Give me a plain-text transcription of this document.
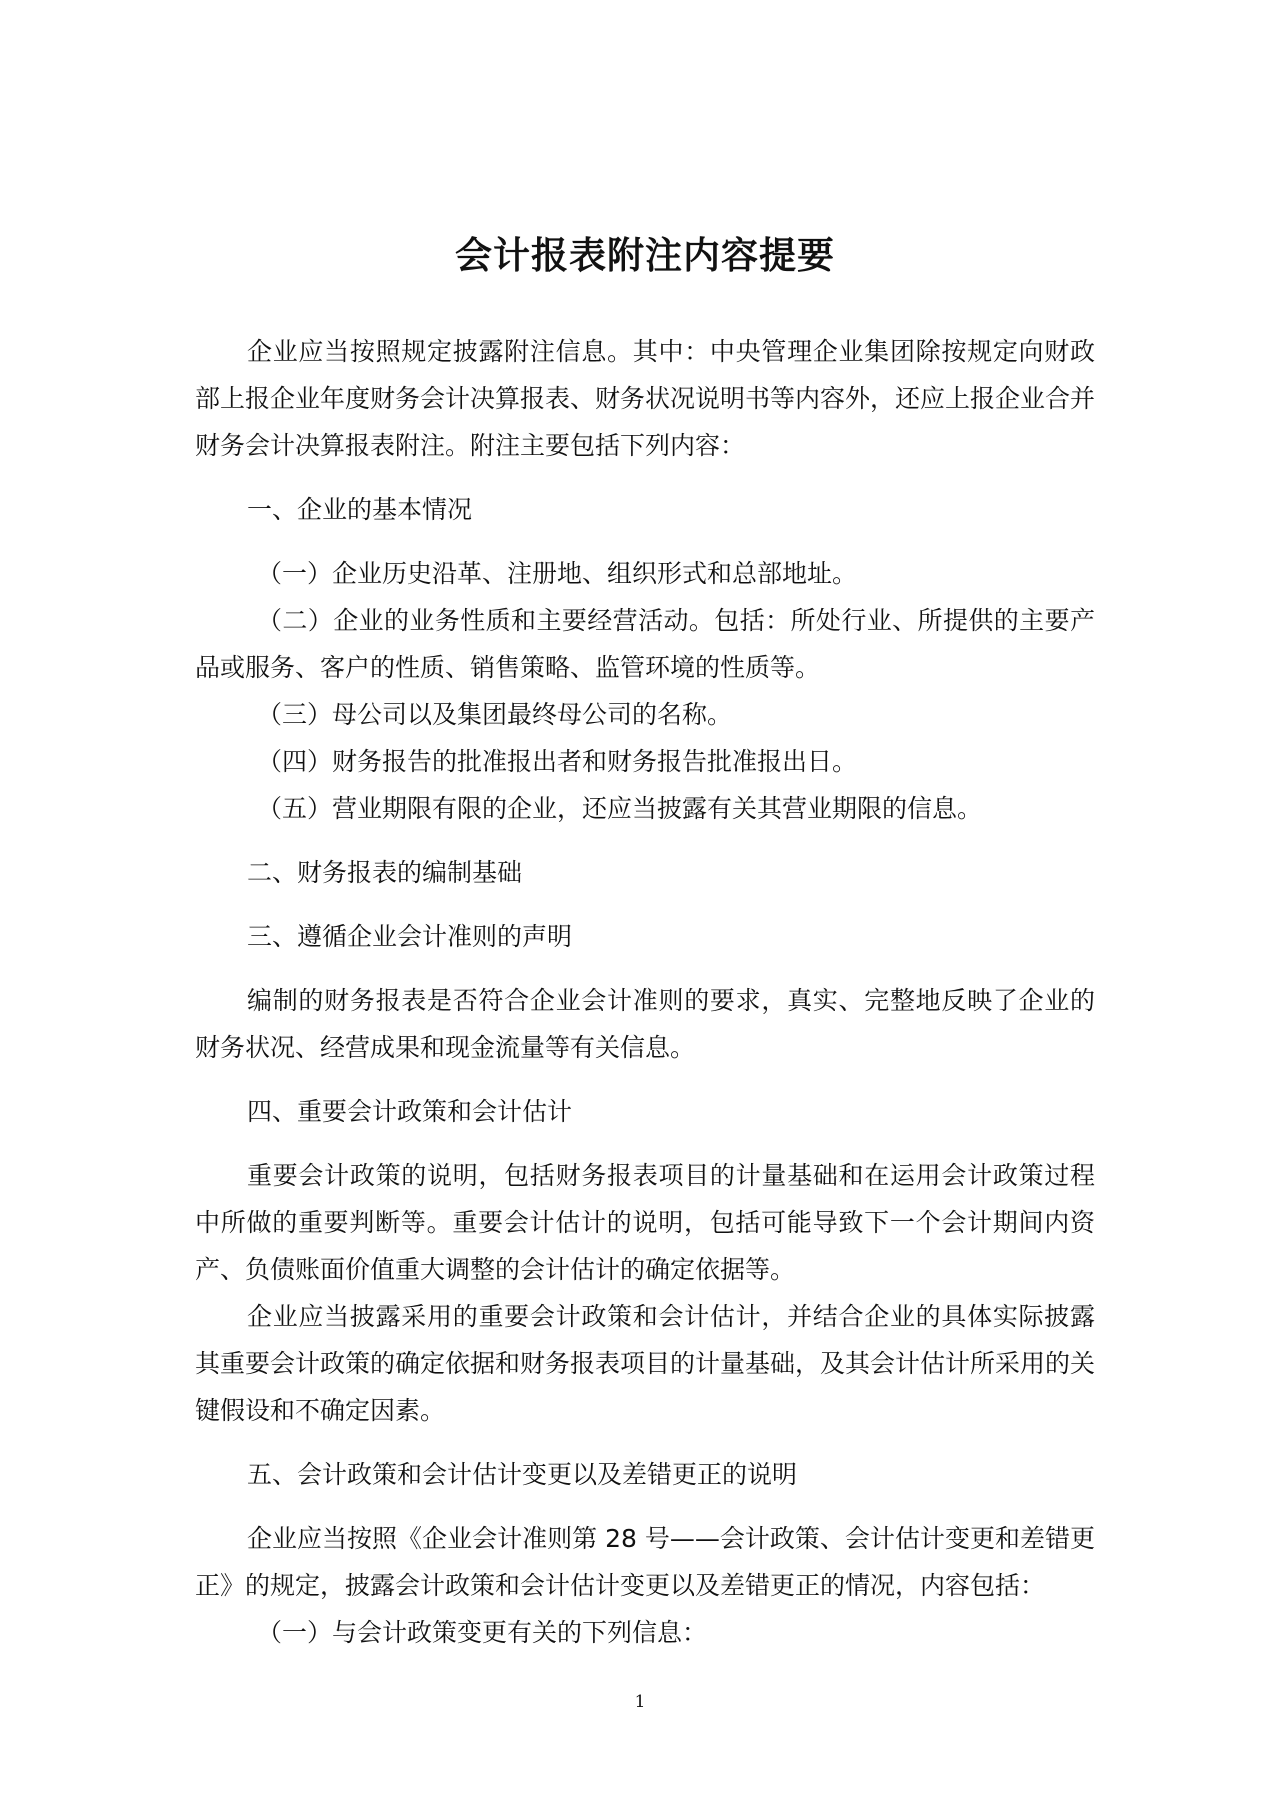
会计报表附注内容提要

企业应当按照规定披露附注信息。其中：中央管理企业集团除按规定向财政部上报企业年度财务会计决算报表、财务状况说明书等内容外，还应上报企业合并财务会计决算报表附注。附注主要包括下列内容：

一、企业的基本情况

（一）企业历史沿革、注册地、组织形式和总部地址。

（二）企业的业务性质和主要经营活动。包括：所处行业、所提供的主要产品或服务、客户的性质、销售策略、监管环境的性质等。

（三）母公司以及集团最终母公司的名称。

（四）财务报告的批准报出者和财务报告批准报出日。

（五）营业期限有限的企业，还应当披露有关其营业期限的信息。

二、财务报表的编制基础

三、遵循企业会计准则的声明

编制的财务报表是否符合企业会计准则的要求，真实、完整地反映了企业的财务状况、经营成果和现金流量等有关信息。

四、重要会计政策和会计估计

重要会计政策的说明，包括财务报表项目的计量基础和在运用会计政策过程中所做的重要判断等。重要会计估计的说明，包括可能导致下一个会计期间内资产、负债账面价值重大调整的会计估计的确定依据等。

企业应当披露采用的重要会计政策和会计估计，并结合企业的具体实际披露其重要会计政策的确定依据和财务报表项目的计量基础，及其会计估计所采用的关键假设和不确定因素。

五、会计政策和会计估计变更以及差错更正的说明

企业应当按照《企业会计准则第 28 号——会计政策、会计估计变更和差错更正》的规定，披露会计政策和会计估计变更以及差错更正的情况，内容包括：

（一）与会计政策变更有关的下列信息：

1
